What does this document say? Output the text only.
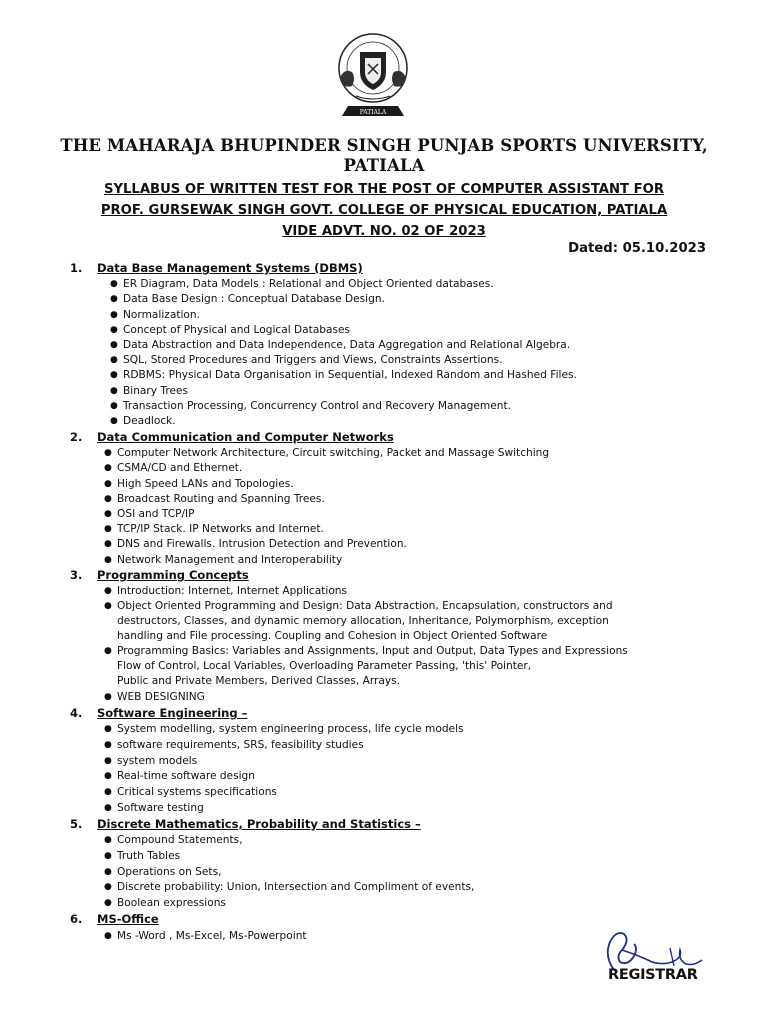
PATIALA
THE MAHARAJA BHUPINDER SINGH PUNJAB SPORTS UNIVERSITY,
PATIALA
SYLLABUS OF WRITTEN TEST FOR THE POST OF COMPUTER ASSISTANT FOR
PROF. GURSEWAK SINGH GOVT. COLLEGE OF PHYSICAL EDUCATION, PATIALA
VIDE ADVT. NO. 02 OF 2023
Dated: 05.10.2023
1. Data Base Management Systems (DBMS)
● ER Diagram, Data Models : Relational and Object Oriented databases.
● Data Base Design : Conceptual Database Design.
● Normalization.
● Concept of Physical and Logical Databases
● Data Abstraction and Data Independence, Data Aggregation and Relational Algebra.
● SQL, Stored Procedures and Triggers and Views, Constraints Assertions.
● RDBMS: Physical Data Organisation in Sequential, Indexed Random and Hashed Files.
● Binary Trees
● Transaction Processing, Concurrency Control and Recovery Management.
● Deadlock.
2. Data Communication and Computer Networks
● Computer Network Architecture, Circuit switching, Packet and Massage Switching
● CSMA/CD and Ethernet.
● High Speed LANs and Topologies.
● Broadcast Routing and Spanning Trees.
● OSI and TCP/IP
● TCP/IP Stack. IP Networks and Internet.
● DNS and Firewalls. Intrusion Detection and Prevention.
● Network Management and Interoperability
3. Programming Concepts
● Introduction: Internet, Internet Applications
● Object Oriented Programming and Design: Data Abstraction, Encapsulation, constructors and
destructors, Classes, and dynamic memory allocation, Inheritance, Polymorphism, exception
handling and File processing. Coupling and Cohesion in Object Oriented Software
● Programming Basics: Variables and Assignments, Input and Output, Data Types and Expressions
Flow of Control, Local Variables, Overloading Parameter Passing, 'this' Pointer,
Public and Private Members, Derived Classes, Arrays.
● WEB DESIGNING
4. Software Engineering –
● System modelling, system engineering process, life cycle models
● software requirements, SRS, feasibility studies
● system models
● Real-time software design
● Critical systems specifications
● Software testing
5. Discrete Mathematics, Probability and Statistics –
● Compound Statements,
● Truth Tables
● Operations on Sets,
● Discrete probability: Union, Intersection and Compliment of events,
● Boolean expressions
6. MS-Office
● Ms -Word , Ms-Excel, Ms-Powerpoint
REGISTRAR
